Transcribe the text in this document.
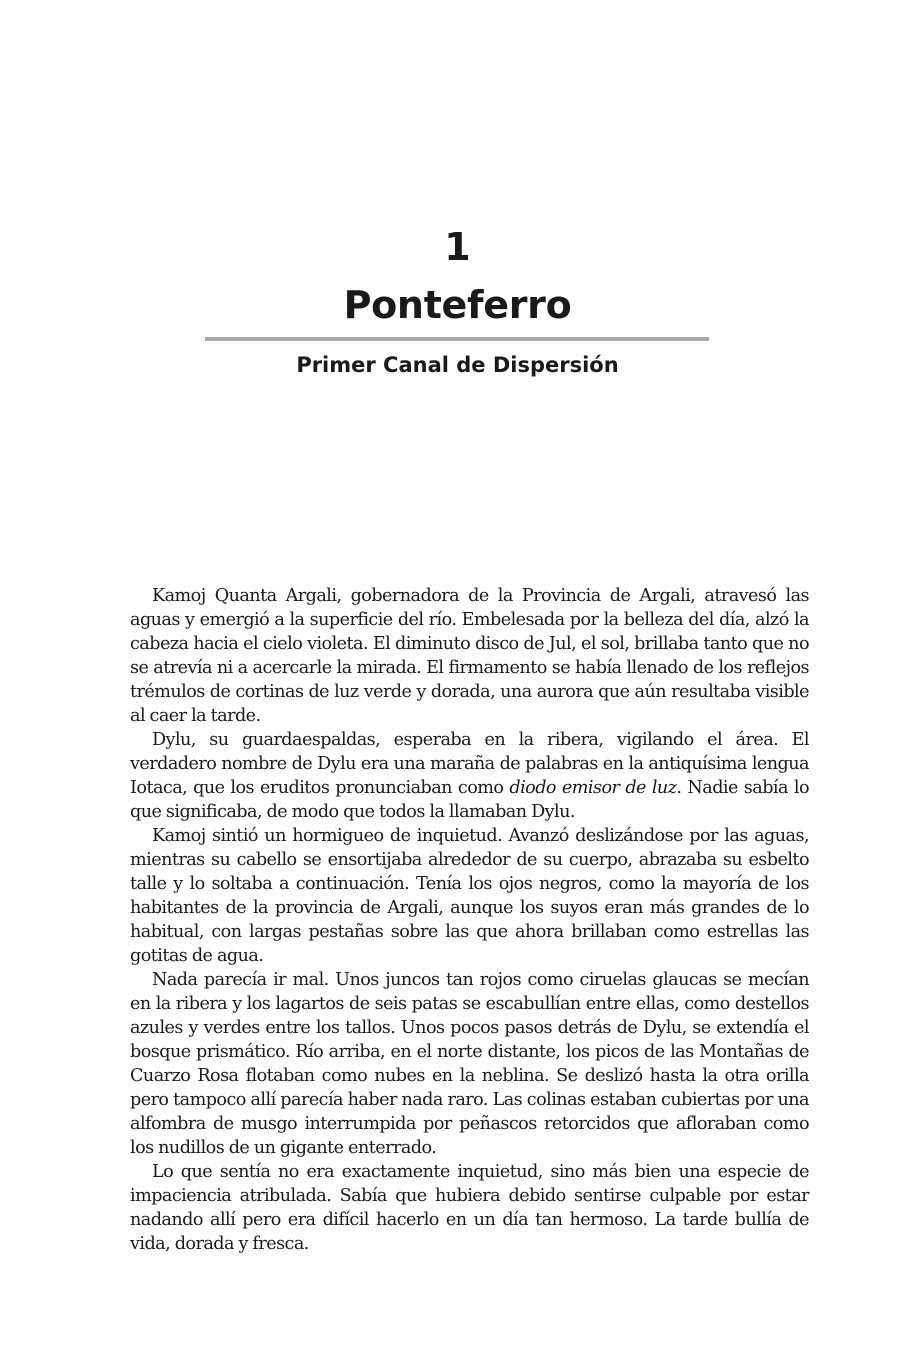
1
Ponteferro
Primer Canal de Dispersión

Kamoj Quanta Argali, gobernadora de la Provincia de Argali, atravesó las aguas y emergió a la superficie del río. Embelesada por la belleza del día, alzó la cabeza hacia el cielo violeta. El diminuto disco de Jul, el sol, brillaba tanto que no se atrevía ni a acercarle la mirada. El firmamento se había llenado de los reflejos trémulos de cortinas de luz verde y dorada, una aurora que aún resultaba visible al caer la tarde.

Dylu, su guardaespaldas, esperaba en la ribera, vigilando el área. El verdadero nombre de Dylu era una maraña de palabras en la antiquísima lengua Iotaca, que los eruditos pronunciaban como diodo emisor de luz. Nadie sabía lo que significaba, de modo que todos la llamaban Dylu.

Kamoj sintió un hormigueo de inquietud. Avanzó deslizándose por las aguas, mientras su cabello se ensortijaba alrededor de su cuerpo, abrazaba su esbelto talle y lo soltaba a continuación. Tenía los ojos negros, como la mayoría de los habitantes de la provincia de Argali, aunque los suyos eran más grandes de lo habitual, con largas pestañas sobre las que ahora brillaban como estrellas las gotitas de agua.

Nada parecía ir mal. Unos juncos tan rojos como ciruelas glaucas se mecían en la ribera y los lagartos de seis patas se escabullían entre ellas, como destellos azules y verdes entre los tallos. Unos pocos pasos detrás de Dylu, se extendía el bosque prismático. Río arriba, en el norte distante, los picos de las Montañas de Cuarzo Rosa flotaban como nubes en la neblina. Se deslizó hasta la otra orilla pero tampoco allí parecía haber nada raro. Las colinas estaban cubiertas por una alfombra de musgo interrumpida por peñascos retorcidos que afloraban como los nudillos de un gigante enterrado.

Lo que sentía no era exactamente inquietud, sino más bien una especie de impaciencia atribulada. Sabía que hubiera debido sentirse culpable por estar nadando allí pero era difícil hacerlo en un día tan hermoso. La tarde bullía de vida, dorada y fresca.
